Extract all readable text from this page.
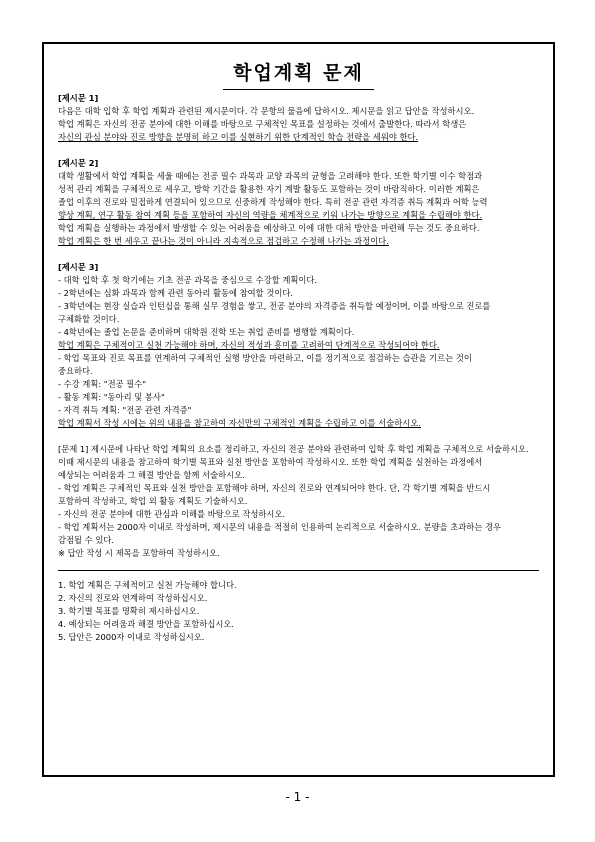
학업계획 문제
[제시문 1]
다음은 대학 입학 후 학업 계획과 관련된 제시문이다. 각 문항의 물음에 답하시오. 제시문을 읽고 답안을 작성하시오.
학업 계획은 자신의 전공 분야에 대한 이해를 바탕으로 구체적인 목표를 설정하는 것에서 출발한다. 따라서 학생은
자신의 관심 분야와 진로 방향을 분명히 하고 이를 실현하기 위한 단계적인 학습 전략을 세워야 한다.
[제시문 2]
대학 생활에서 학업 계획을 세울 때에는 전공 필수 과목과 교양 과목의 균형을 고려해야 한다. 또한 학기별 이수 학점과
성적 관리 계획을 구체적으로 세우고, 방학 기간을 활용한 자기 계발 활동도 포함하는 것이 바람직하다. 이러한 계획은
졸업 이후의 진로와 밀접하게 연결되어 있으므로 신중하게 작성해야 한다. 특히 전공 관련 자격증 취득 계획과 어학 능력
향상 계획, 연구 활동 참여 계획 등을 포함하여 자신의 역량을 체계적으로 키워 나가는 방향으로 계획을 수립해야 한다.
학업 계획을 실행하는 과정에서 발생할 수 있는 어려움을 예상하고 이에 대한 대처 방안을 마련해 두는 것도 중요하다.
학업 계획은 한 번 세우고 끝나는 것이 아니라 지속적으로 점검하고 수정해 나가는 과정이다.
[제시문 3]
- 대학 입학 후 첫 학기에는 기초 전공 과목을 중심으로 수강할 계획이다.
- 2학년에는 심화 과목과 함께 관련 동아리 활동에 참여할 것이다.
- 3학년에는 현장 실습과 인턴십을 통해 실무 경험을 쌓고, 전공 분야의 자격증을 취득할 예정이며, 이를 바탕으로 진로를
구체화할 것이다.
- 4학년에는 졸업 논문을 준비하며 대학원 진학 또는 취업 준비를 병행할 계획이다.
학업 계획은 구체적이고 실천 가능해야 하며, 자신의 적성과 흥미를 고려하여 단계적으로 작성되어야 한다.
- 학업 목표와 진로 목표를 연계하여 구체적인 실행 방안을 마련하고, 이를 정기적으로 점검하는 습관을 기르는 것이
중요하다.
- 수강 계획: "전공 필수"
- 활동 계획: "동아리 및 봉사"
- 자격 취득 계획: "전공 관련 자격증"
학업 계획서 작성 시에는 위의 내용을 참고하여 자신만의 구체적인 계획을 수립하고 이를 서술하시오.
[문제 1] 제시문에 나타난 학업 계획의 요소를 정리하고, 자신의 전공 분야와 관련하여 입학 후 학업 계획을 구체적으로 서술하시오.
이때 제시문의 내용을 참고하여 학기별 목표와 실천 방안을 포함하여 작성하시오. 또한 학업 계획을 실천하는 과정에서
예상되는 어려움과 그 해결 방안을 함께 서술하시오.
- 학업 계획은 구체적인 목표와 실천 방안을 포함해야 하며, 자신의 진로와 연계되어야 한다. 단, 각 학기별 계획을 반드시
포함하여 작성하고, 학업 외 활동 계획도 기술하시오.
- 자신의 전공 분야에 대한 관심과 이해를 바탕으로 작성하시오.
- 학업 계획서는 2000자 이내로 작성하며, 제시문의 내용을 적절히 인용하여 논리적으로 서술하시오. 분량을 초과하는 경우
감점될 수 있다.
※ 답안 작성 시 제목을 포함하여 작성하시오.
1. 학업 계획은 구체적이고 실천 가능해야 합니다.
2. 자신의 진로와 연계하여 작성하십시오.
3. 학기별 목표를 명확히 제시하십시오.
4. 예상되는 어려움과 해결 방안을 포함하십시오.
5. 답안은 2000자 이내로 작성하십시오.
- 1 -
